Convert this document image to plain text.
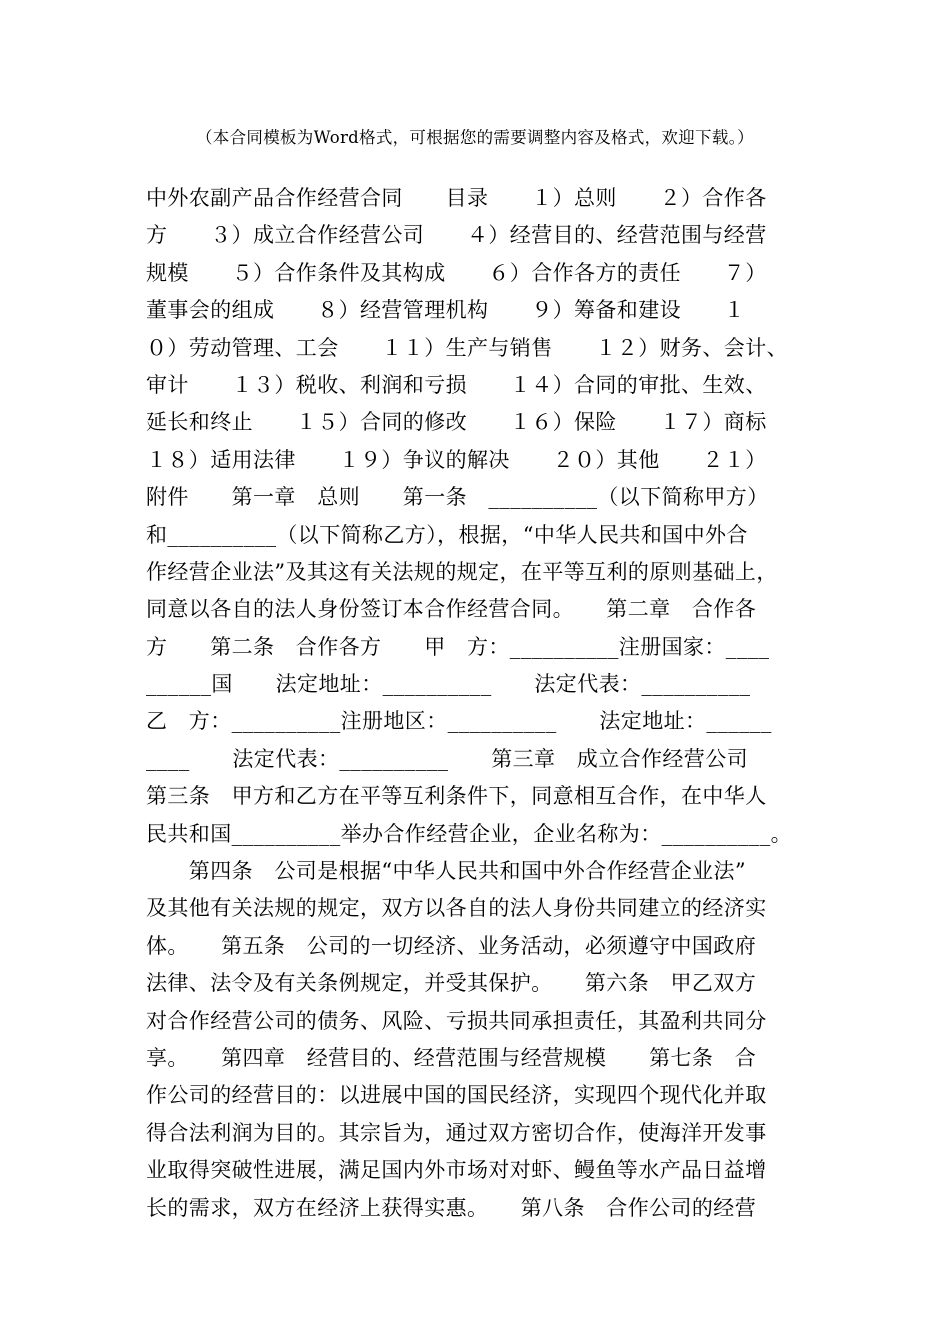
（本合同模板为Word格式，可根据您的需要调整内容及格式，欢迎下载。）
中外农副产品合作经营合同　　目录　　１）总则　　２）合作各
方　　３）成立合作经营公司　　４）经营目的、经营范围与经营
规模　　５）合作条件及其构成　　６）合作各方的责任　　７）
董事会的组成　　８）经营管理机构　　９）筹备和建设　　１
０）劳动管理、工会　　１１）生产与销售　　１２）财务、会计、
审计　　１３）税收、利润和亏损　　１４）合同的审批、生效、
延长和终止　　１５）合同的修改　　１６）保险　　１７）商标
１８）适用法律　　１９）争议的解决　　２０）其他　　２１）
附件　　第一章　总则　　第一条　__________（以下简称甲方）
和__________（以下简称乙方），根据，“中华人民共和国中外合
作经营企业法”及其这有关法规的规定，在平等互利的原则基础上，
同意以各自的法人身份签订本合作经营合同。　　第二章　合作各
方　　第二条　合作各方　　甲　方：__________注册国家：____
______国　　法定地址：__________　　法定代表：__________
乙　方：__________注册地区：__________　　法定地址：______
____　　法定代表：__________　　第三章　成立合作经营公司
第三条　甲方和乙方在平等互利条件下，同意相互合作，在中华人
民共和国__________举办合作经营企业，企业名称为：__________。
　　第四条　公司是根据“中华人民共和国中外合作经营企业法”
及其他有关法规的规定，双方以各自的法人身份共同建立的经济实
体。　　第五条　公司的一切经济、业务活动，必须遵守中国政府
法律、法令及有关条例规定，并受其保护。　　第六条　甲乙双方
对合作经营公司的债务、风险、亏损共同承担责任，其盈利共同分
享。　　第四章　经营目的、经营范围与经营规模　　第七条　合
作公司的经营目的：以进展中国的国民经济，实现四个现代化并取
得合法利润为目的。其宗旨为，通过双方密切合作，使海洋开发事
业取得突破性进展，满足国内外市场对对虾、鳗鱼等水产品日益增
长的需求，双方在经济上获得实惠。　　第八条　合作公司的经营
